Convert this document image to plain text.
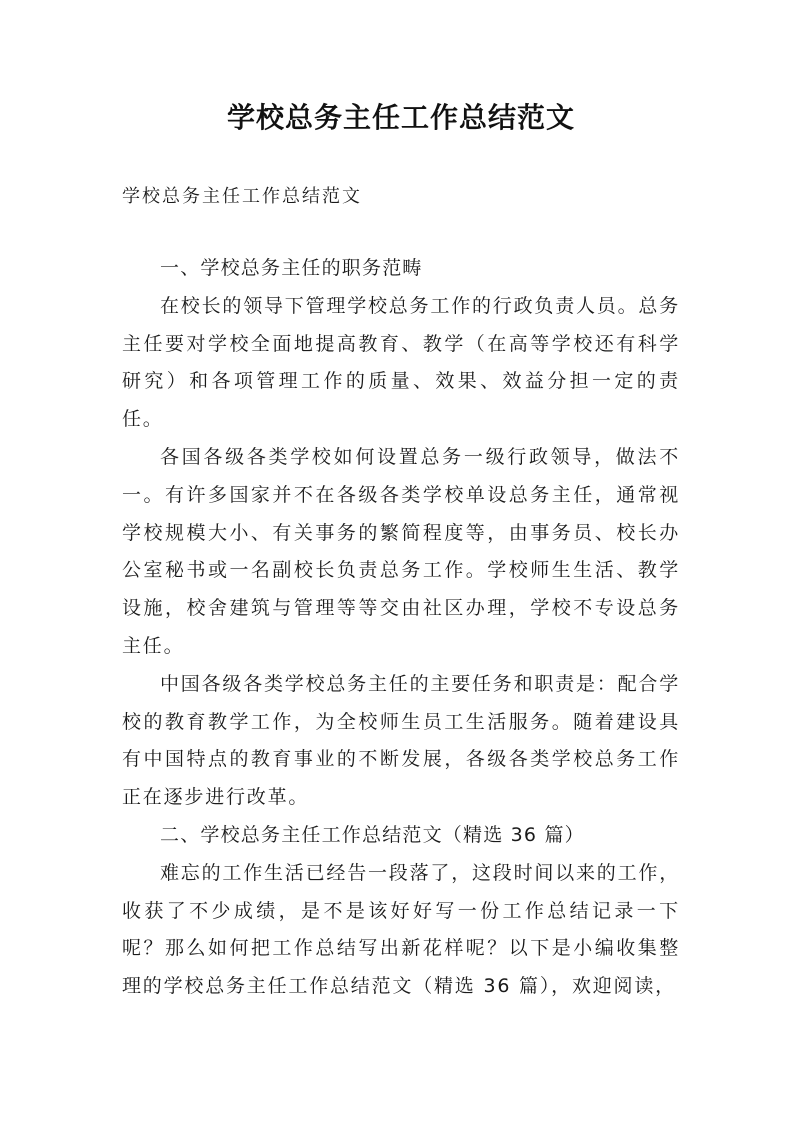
学校总务主任工作总结范文
学校总务主任工作总结范文

一、学校总务主任的职务范畴

在校长的领导下管理学校总务工作的行政负责人员。总务主任要对学校全面地提高教育、教学（在高等学校还有科学研究）和各项管理工作的质量、效果、效益分担一定的责任。

各国各级各类学校如何设置总务一级行政领导，做法不一。有许多国家并不在各级各类学校单设总务主任，通常视学校规模大小、有关事务的繁简程度等，由事务员、校长办公室秘书或一名副校长负责总务工作。学校师生生活、教学设施，校舍建筑与管理等等交由社区办理，学校不专设总务主任。

中国各级各类学校总务主任的主要任务和职责是：配合学校的教育教学工作，为全校师生员工生活服务。随着建设具有中国特点的教育事业的不断发展，各级各类学校总务工作正在逐步进行改革。

二、学校总务主任工作总结范文（精选 36 篇）

难忘的工作生活已经告一段落了，这段时间以来的工作，收获了不少成绩，是不是该好好写一份工作总结记录一下呢？那么如何把工作总结写出新花样呢？以下是小编收集整理的学校总务主任工作总结范文（精选 36 篇），欢迎阅读，
